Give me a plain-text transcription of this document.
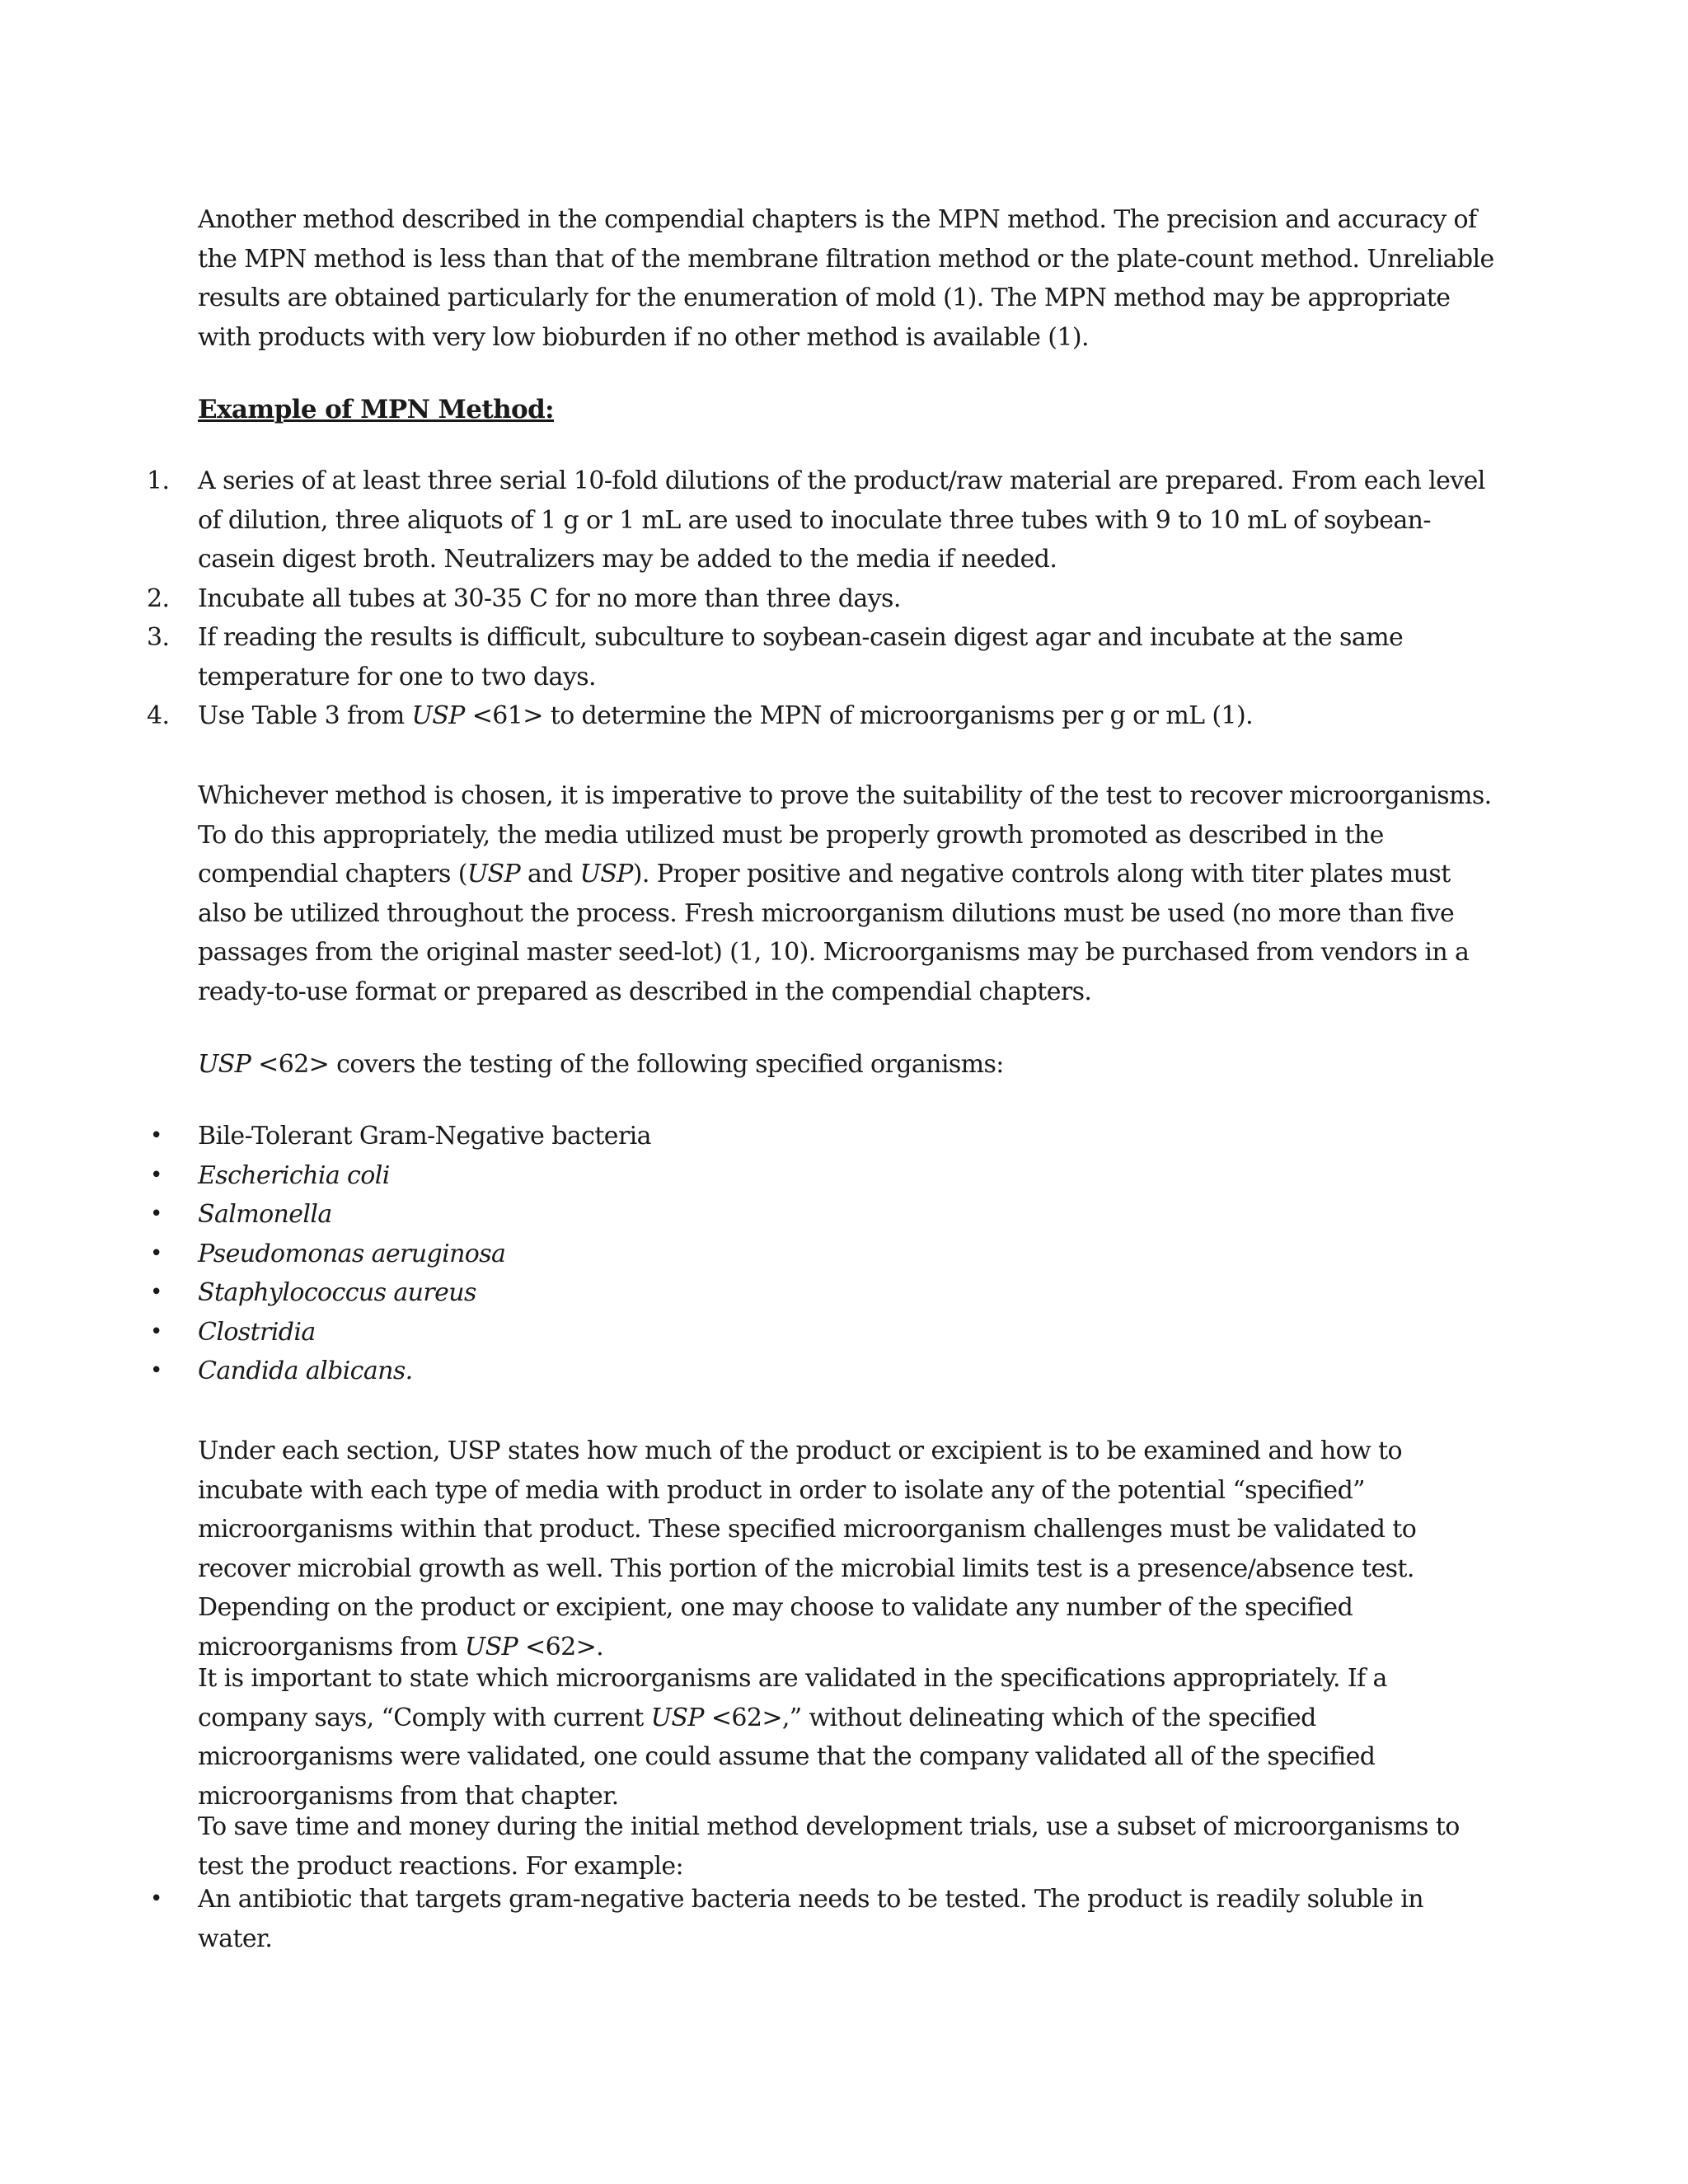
Another method described in the compendial chapters is the MPN method. The precision and accuracy of the MPN method is less than that of the membrane filtration method or the plate-count method. Unreliable results are obtained particularly for the enumeration of mold (1). The MPN method may be appropriate with products with very low bioburden if no other method is available (1).

Example of MPN Method:

1.	A series of at least three serial 10-fold dilutions of the product/raw material are prepared. From each level of dilution, three aliquots of 1 g or 1 mL are used to inoculate three tubes with 9 to 10 mL of soybean-casein digest broth. Neutralizers may be added to the media if needed.
2.	Incubate all tubes at 30-35 C for no more than three days.
3.	If reading the results is difficult, subculture to soybean-casein digest agar and incubate at the same temperature for one to two days.
4.	Use Table 3 from USP <61> to determine the MPN of microorganisms per g or mL (1).

Whichever method is chosen, it is imperative to prove the suitability of the test to recover microorganisms. To do this appropriately, the media utilized must be properly growth promoted as described in the compendial chapters (USP and USP). Proper positive and negative controls along with titer plates must also be utilized throughout the process. Fresh microorganism dilutions must be used (no more than five passages from the original master seed-lot) (1, 10). Microorganisms may be purchased from vendors in a ready-to-use format or prepared as described in the compendial chapters.

USP <62> covers the testing of the following specified organisms:

• Bile-Tolerant Gram-Negative bacteria
• Escherichia coli
• Salmonella
• Pseudomonas aeruginosa
• Staphylococcus aureus
• Clostridia
• Candida albicans.

Under each section, USP states how much of the product or excipient is to be examined and how to incubate with each type of media with product in order to isolate any of the potential “specified” microorganisms within that product. These specified microorganism challenges must be validated to recover microbial growth as well. This portion of the microbial limits test is a presence/absence test. Depending on the product or excipient, one may choose to validate any number of the specified microorganisms from USP <62>.

It is important to state which microorganisms are validated in the specifications appropriately. If a company says, “Comply with current USP <62>,” without delineating which of the specified microorganisms were validated, one could assume that the company validated all of the specified microorganisms from that chapter.

To save time and money during the initial method development trials, use a subset of microorganisms to test the product reactions. For example:

• An antibiotic that targets gram-negative bacteria needs to be tested. The product is readily soluble in water.
